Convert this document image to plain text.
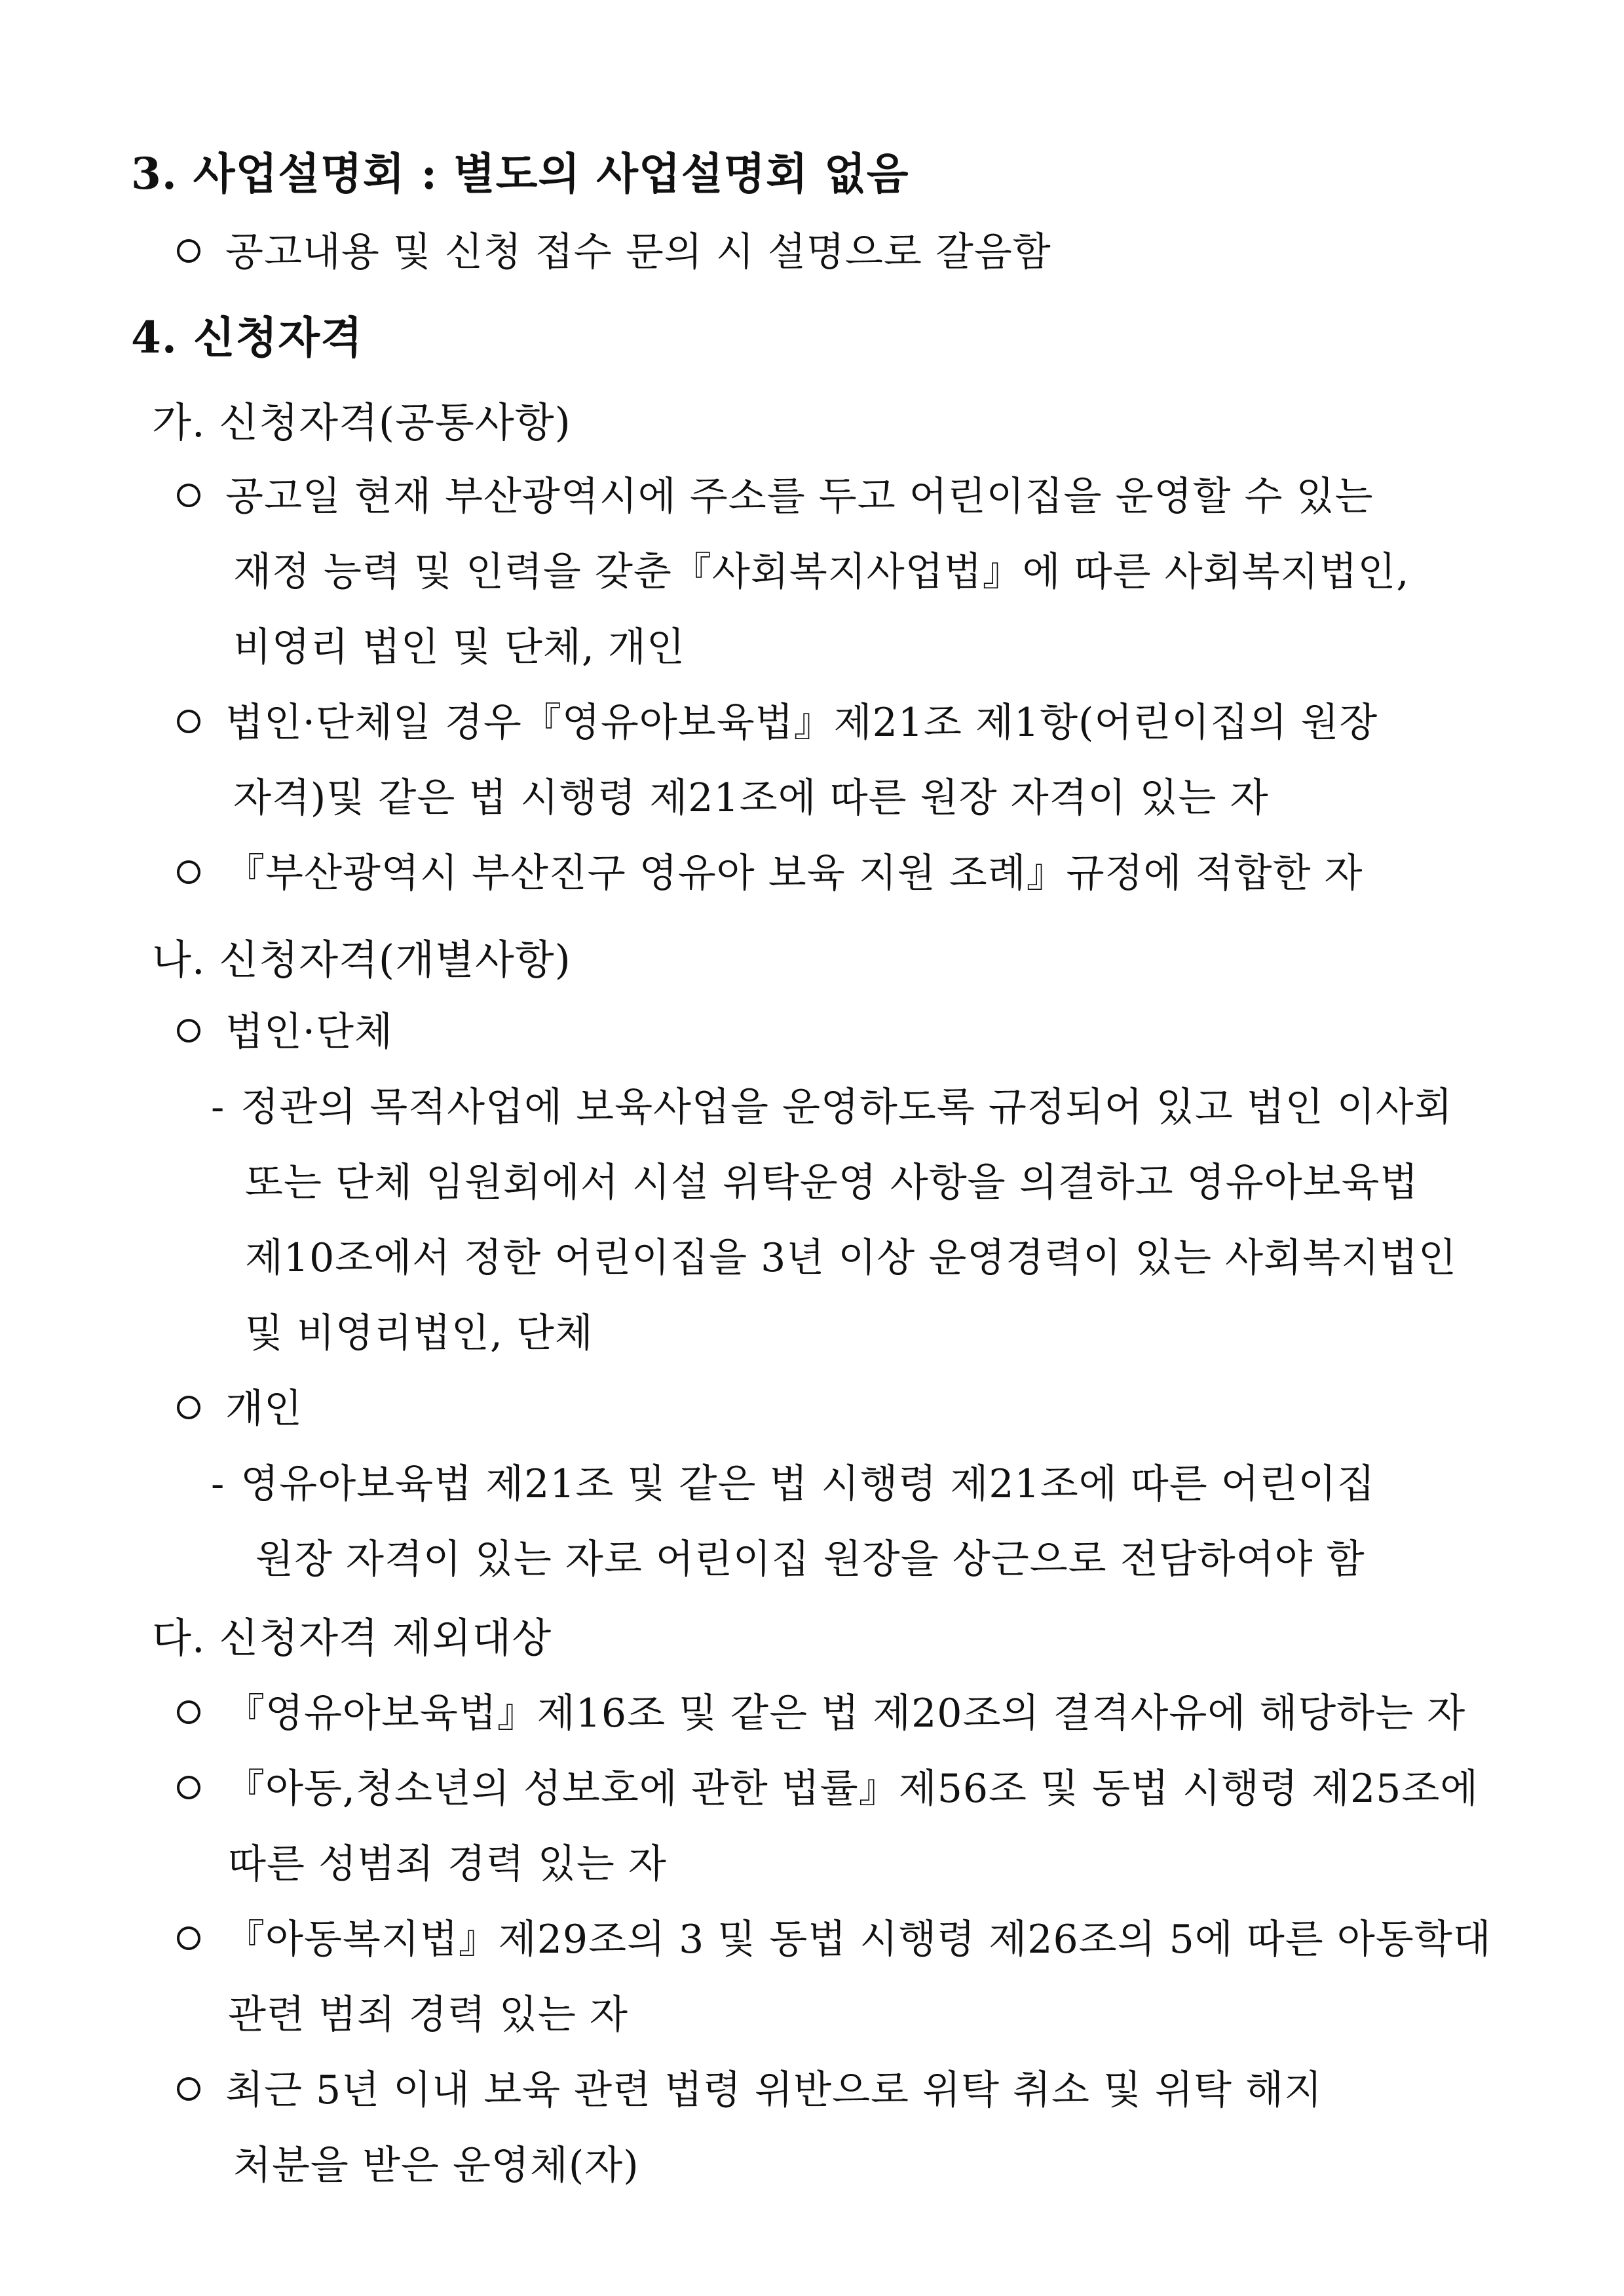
3. 사업설명회 : 별도의 사업설명회 없음
공고내용 및 신청 접수 문의 시 설명으로 갈음함
4. 신청자격
가. 신청자격(공통사항)
공고일 현재 부산광역시에 주소를 두고 어린이집을 운영할 수 있는
재정 능력 및 인력을 갖춘『사회복지사업법』에 따른 사회복지법인,
비영리 법인 및 단체, 개인
법인·단체일 경우『영유아보육법』제21조 제1항(어린이집의 원장
자격)및 같은 법 시행령 제21조에 따른 원장 자격이 있는 자
『부산광역시 부산진구 영유아 보육 지원 조례』규정에 적합한 자
나. 신청자격(개별사항)
법인·단체
- 정관의 목적사업에 보육사업을 운영하도록 규정되어 있고 법인 이사회
또는 단체 임원회에서 시설 위탁운영 사항을 의결하고 영유아보육법
제10조에서 정한 어린이집을 3년 이상 운영경력이 있는 사회복지법인
및 비영리법인, 단체
개인
- 영유아보육법 제21조 및 같은 법 시행령 제21조에 따른 어린이집
원장 자격이 있는 자로 어린이집 원장을 상근으로 전담하여야 함
다. 신청자격 제외대상
『영유아보육법』제16조 및 같은 법 제20조의 결격사유에 해당하는 자
『아동,청소년의 성보호에 관한 법률』제56조 및 동법 시행령 제25조에
따른 성범죄 경력 있는 자
『아동복지법』제29조의 3 및 동법 시행령 제26조의 5에 따른 아동학대
관련 범죄 경력 있는 자
최근 5년 이내 보육 관련 법령 위반으로 위탁 취소 및 위탁 해지
처분을 받은 운영체(자)
